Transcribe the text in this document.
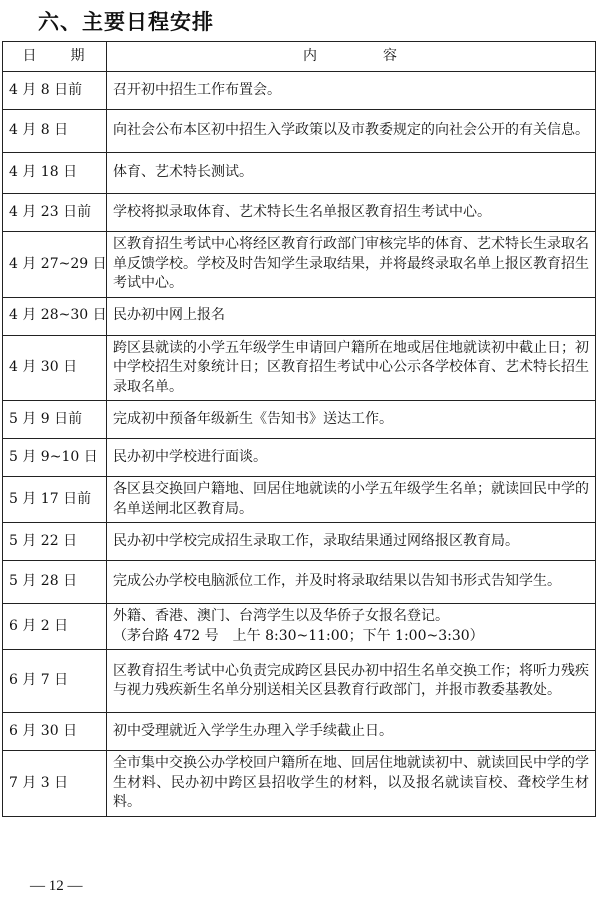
六、主要日程安排
日　　期	内　　　　容
4 月 8 日前	召开初中招生工作布置会。

4 月 8 日	向社会公布本区初中招生入学政策以及市教委规定的向社会公开的有关信息。

4 月 18 日	体育、艺术特长测试。

4 月 23 日前	学校将拟录取体育、艺术特长生名单报区教育招生考试中心。

4 月 27~29 日	区教育招生考试中心将经区教育行政部门审核完毕的体育、艺术特长生录取名单反馈学校。学校及时告知学生录取结果，并将最终录取名单上报区教育招生考试中心。

4 月 28~30 日	民办初中网上报名

4 月 30 日	跨区县就读的小学五年级学生申请回户籍所在地或居住地就读初中截止日；初中学校招生对象统计日；区教育招生考试中心公示各学校体育、艺术特长招生录取名单。

5 月 9 日前	完成初中预备年级新生《告知书》送达工作。

5 月 9~10 日	民办初中学校进行面谈。

5 月 17 日前	各区县交换回户籍地、回居住地就读的小学五年级学生名单；就读回民中学的名单送闸北区教育局。

5 月 22 日	民办初中学校完成招生录取工作，录取结果通过网络报区教育局。

5 月 28 日	完成公办学校电脑派位工作，并及时将录取结果以告知书形式告知学生。

6 月 2 日	外籍、香港、澳门、台湾学生以及华侨子女报名登记。
（茅台路 472 号　上午 8:30~11:00；下午 1:00~3:30）

6 月 7 日	区教育招生考试中心负责完成跨区县民办初中招生名单交换工作；将听力残疾与视力残疾新生名单分别送相关区县教育行政部门，并报市教委基教处。

6 月 30 日	初中受理就近入学学生办理入学手续截止日。

7 月 3 日	全市集中交换公办学校回户籍所在地、回居住地就读初中、就读回民中学的学生材料、民办初中跨区县招收学生的材料，以及报名就读盲校、聋校学生材料。
— 12 —
